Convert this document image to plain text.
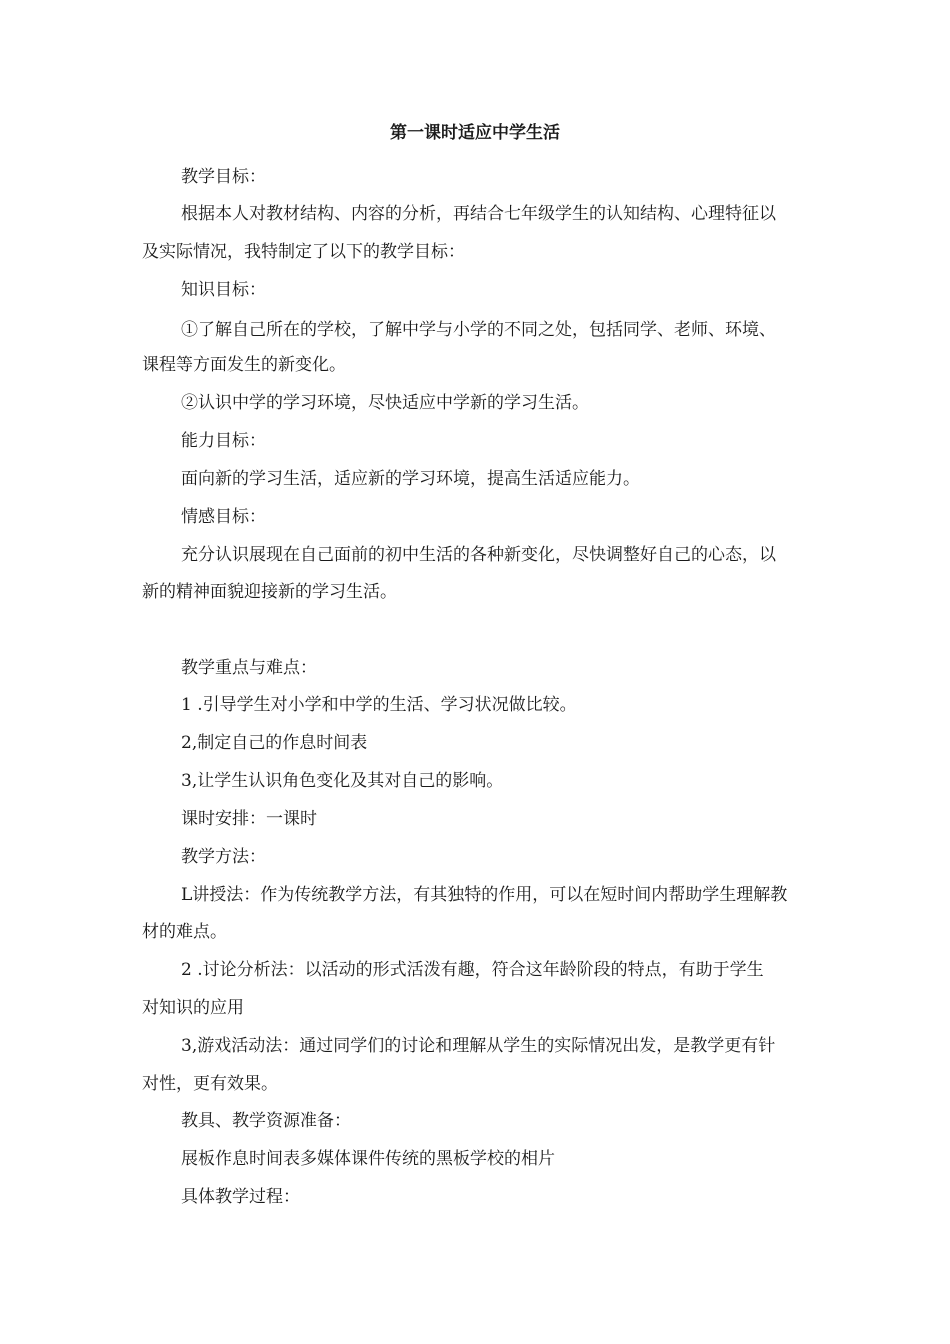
第一课时适应中学生活

教学目标：

根据本人对教材结构、内容的分析，再结合七年级学生的认知结构、心理特征以

及实际情况，我特制定了以下的教学目标：

知识目标：

①了解自己所在的学校，了解中学与小学的不同之处，包括同学、老师、环境、

课程等方面发生的新变化。

②认识中学的学习环境，尽快适应中学新的学习生活。

能力目标：

面向新的学习生活，适应新的学习环境，提高生活适应能力。

情感目标：

充分认识展现在自己面前的初中生活的各种新变化，尽快调整好自己的心态，以

新的精神面貌迎接新的学习生活。

教学重点与难点：

1 .引导学生对小学和中学的生活、学习状况做比较。

2,制定自己的作息时间表

3,让学生认识角色变化及其对自己的影响。

课时安排：一课时

教学方法：

L讲授法：作为传统教学方法，有其独特的作用，可以在短时间内帮助学生理解教

材的难点。

2 .讨论分析法：以活动的形式活泼有趣，符合这年龄阶段的特点，有助于学生

对知识的应用

3,游戏活动法：通过同学们的讨论和理解从学生的实际情况出发，是教学更有针

对性，更有效果。

教具、教学资源准备：

展板作息时间表多媒体课件传统的黑板学校的相片

具体教学过程：
